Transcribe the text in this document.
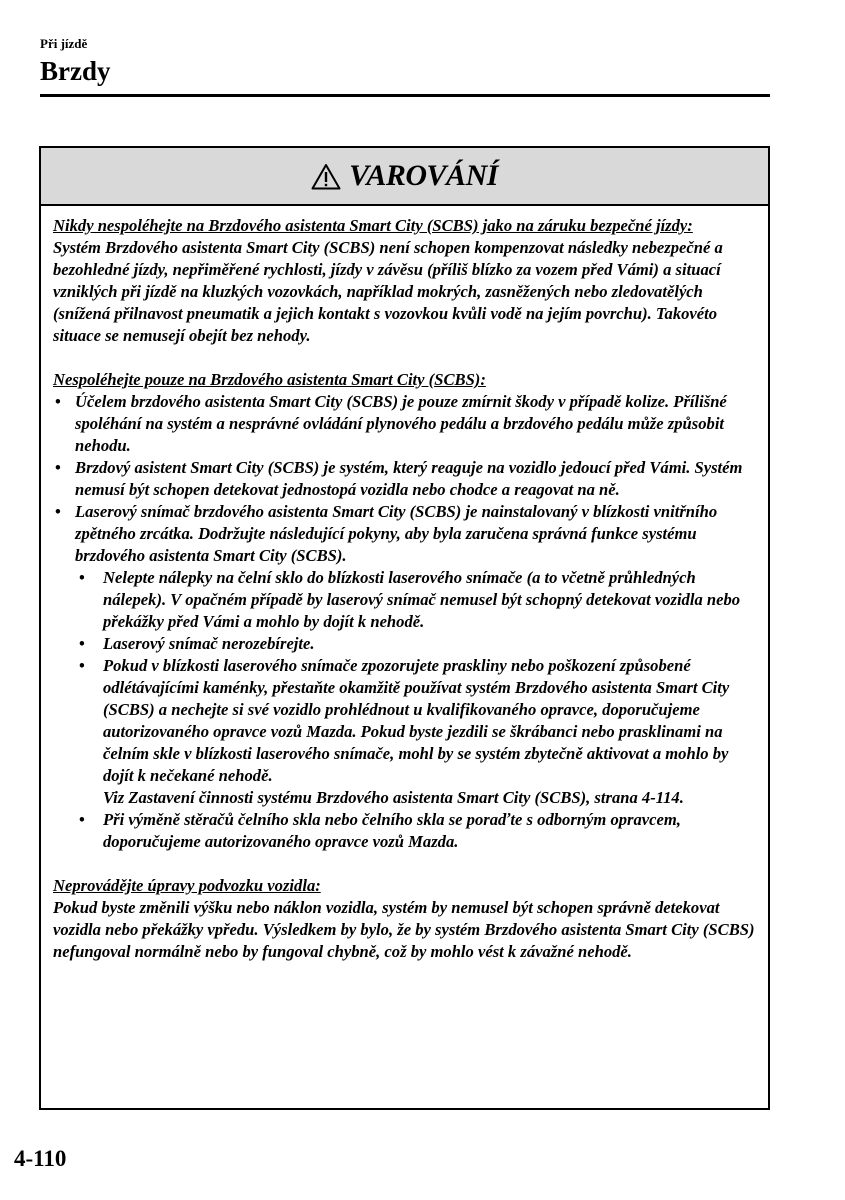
Při jízdě
Brzdy
VAROVÁNÍ

Nikdy nespoléhejte na Brzdového asistenta Smart City (SCBS) jako na záruku bezpečné jízdy:

Systém Brzdového asistenta Smart City (SCBS) není schopen kompenzovat následky nebezpečné a bezohledné jízdy, nepřiměřené rychlosti, jízdy v závěsu (příliš blízko za vozem před Vámi) a situací vzniklých při jízdě na kluzkých vozovkách, například mokrých, zasněžených nebo zledovatělých (snížená přilnavost pneumatik a jejich kontakt s vozovkou kvůli vodě na jejím povrchu). Takovéto situace se nemusejí obejít bez nehody.

Nespoléhejte pouze na Brzdového asistenta Smart City (SCBS):

• Účelem brzdového asistenta Smart City (SCBS) je pouze zmírnit škody v případě kolize. Přílišné spoléhání na systém a nesprávné ovládání plynového pedálu a brzdového pedálu může způsobit nehodu.
• Brzdový asistent Smart City (SCBS) je systém, který reaguje na vozidlo jedoucí před Vámi. Systém nemusí být schopen detekovat jednostopá vozidla nebo chodce a reagovat na ně.
• Laserový snímač brzdového asistenta Smart City (SCBS) je nainstalovaný v blízkosti vnitřního zpětného zrcátka. Dodržujte následující pokyny, aby byla zaručena správná funkce systému brzdového asistenta Smart City (SCBS).
• Nelepte nálepky na čelní sklo do blízkosti laserového snímače (a to včetně průhledných nálepek). V opačném případě by laserový snímač nemusel být schopný detekovat vozidla nebo překážky před Vámi a mohlo by dojít k nehodě.
• Laserový snímač nerozebírejte.
• Pokud v blízkosti laserového snímače zpozorujete praskliny nebo poškození způsobené odlétávajícími kaménky, přestaňte okamžitě používat systém Brzdového asistenta Smart City (SCBS) a nechejte si své vozidlo prohlédnout u kvalifikovaného opravce, doporučujeme autorizovaného opravce vozů Mazda. Pokud byste jezdili se škrábanci nebo prasklinami na čelním skle v blízkosti laserového snímače, mohl by se systém zbytečně aktivovat a mohlo by dojít k nečekané nehodě.
Viz Zastavení činnosti systému Brzdového asistenta Smart City (SCBS), strana 4-114.
• Při výměně stěračů čelního skla nebo čelního skla se poraďte s odborným opravcem, doporučujeme autorizovaného opravce vozů Mazda.

Neprovádějte úpravy podvozku vozidla:

Pokud byste změnili výšku nebo náklon vozidla, systém by nemusel být schopen správně detekovat vozidla nebo překážky vpředu. Výsledkem by bylo, že by systém Brzdového asistenta Smart City (SCBS) nefungoval normálně nebo by fungoval chybně, což by mohlo vést k závažné nehodě.

4-110
